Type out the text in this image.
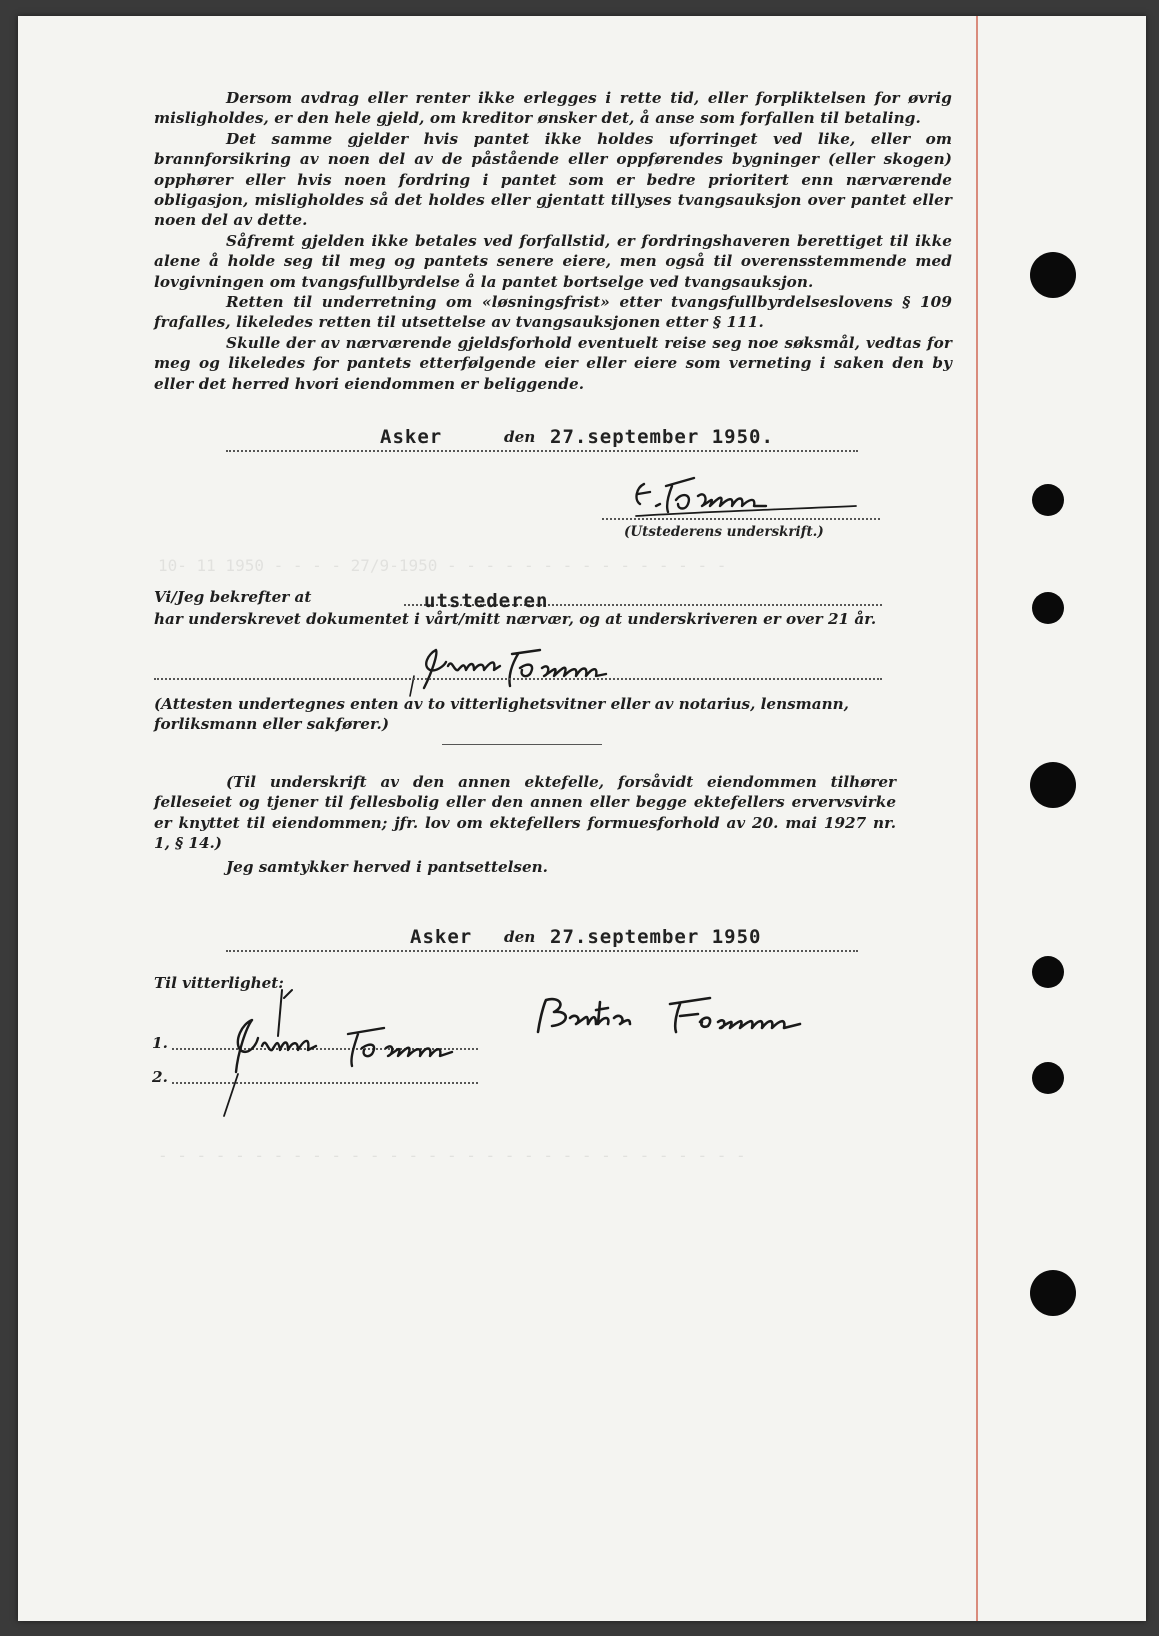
10- 11 1950 - - - - 27/9-1950 - - - - - - - - - - - - - - -
- - - - - - - - - - - - - - - - - - - - - - - - - - - - - - -

Dersom avdrag eller renter ikke erlegges i rette tid, eller forpliktelsen for øvrig misligholdes, er den hele gjeld, om kreditor ønsker det, å anse som forfallen til betaling.

Det samme gjelder hvis pantet ikke holdes uforringet ved like, eller om brannforsikring av noen del av de påstående eller oppførendes bygninger (eller skogen) opphører eller hvis noen fordring i pantet som er bedre prioritert enn nærværende obligasjon, misligholdes så det holdes eller gjentatt tillyses tvangsauksjon over pantet eller noen del av dette.

Såfremt gjelden ikke betales ved forfallstid, er fordringshaveren berettiget til ikke alene å holde seg til meg og pantets senere eiere, men også til overensstemmende med lovgivningen om tvangsfullbyrdelse å la pantet bortselge ved tvangsauksjon.

Retten til underretning om «løsningsfrist» etter tvangsfullbyrdelseslovens § 109 frafalles, likeledes retten til utsettelse av tvangsauksjonen etter § 111.

Skulle der av nærværende gjeldsforhold eventuelt reise seg noe søksmål, vedtas for meg og likeledes for pantets etterfølgende eier eller eiere som verneting i saken den by eller det herred hvori eiendommen er beliggende.

Asker	den 27.september 1950.
(Utstederens underskrift.)
Vi/Jeg bekrefter at	utstederen
har underskrevet dokumentet i vårt/mitt nærvær, og at underskriveren er over 21 år.
(Attesten undertegnes enten av to vitterlighetsvitner eller av notarius, lensmann, forliksmann eller sakfører.)
(Til underskrift av den annen ektefelle, forsåvidt eiendommen tilhører felleseiet og tjener til fellesbolig eller den annen eller begge ektefellers ervervsvirke er knyttet til eiendommen; jfr. lov om ektefellers formuesforhold av 20. mai 1927 nr. 1, § 14.)
Jeg samtykker herved i pantsettelsen.
Asker den 27.september 1950
Til vitterlighet:
1.
2.
